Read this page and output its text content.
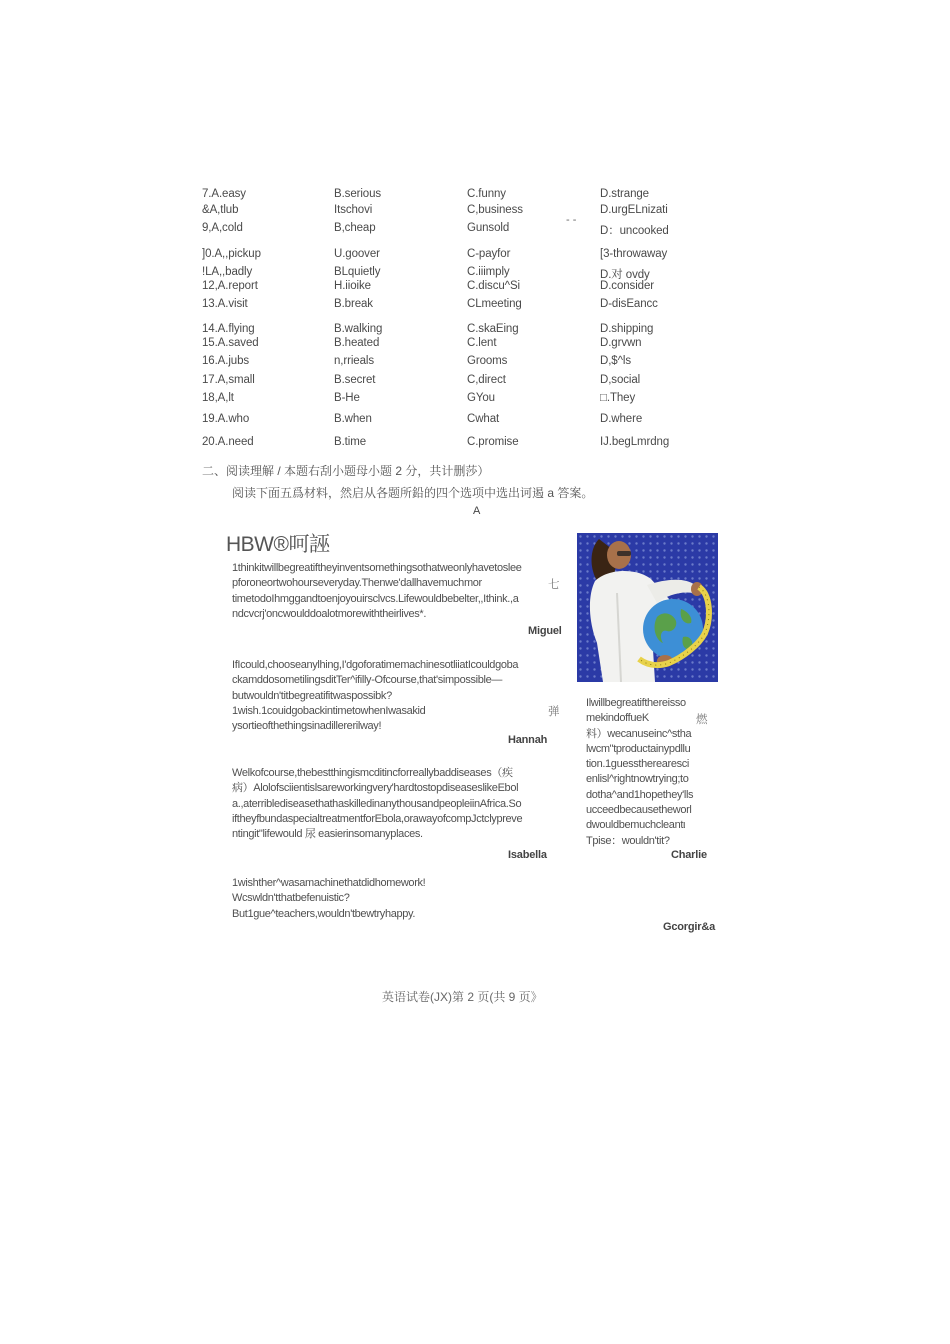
7.A.easy	B.serious	C.funny	D.strange
&A,tlub	Itschovi	C,business	D.urgELnizati
9,A,cold	B,cheap	Gunsold	D：uncooked
]0.A,,pickup	U.goover	C-payfor	[3-throwaway
!LA,,badly	BLquietly	C.iiimply	D.对 ovdy
12,A.report	H.iioike	C.discu^Si	D.consider
13.A.visit	B.break	CLmeeting	D-disEancc
14.A.flying	B.walking	C.skaEing	D.shipping
15.A.saved	B.heated	C.lent	D.grvwn
16.A.jubs	n,rrieals	Grooms	D,$^ls
17.A,small	B.secret	C,direct	D,social
18,A,lt	B-He	GYou	□.They
19.A.who	B.when	Cwhat	D.where
20.A.need	B.time	C.promise	IJ.begLmrdng
- -
二、阅读理解 / 本题右刮小题母小题 2 分，共计删莎）
阅读下面五爲材料，然启从各题所鉛的四个选项中选出诃遏 a 答案。
A
HBW®呵誣
1thinkitwillbegreatiftheyinventsomethingsothatweonlyhavetoslee
pforoneortwohourseveryday.Thenwe'dallhavemuchmor
timetodoIhmggandtoenjoyouirsclvcs.Lifewouldbebelter,,Ithink.,a
ndcvcrj'oncwoulddoalotmorewiththeirlives*.
七
Miguel
IfIcould,chooseanylhing,I'dgoforatimemachinesotliiatIcouldgoba
ckamddosometilingsditTer^ifilly-Ofcourse,that'simpossible—
butwouldn'titbegreatifitwaspossibk?
1wish.1couidgobackintimetowhenIwasakid
ysortieofthethingsinadillererilway!
弹
Hannah
Welkofcourse,thebestthingismcditincforreallybaddiseases（疾
病）Alolofsciientislsareworkingvery'hardtostopdiseaseslikeEbol
a.,aterriblediseasethathaskilledinanythousandpeopleiinAfrica.So
iftheyfbundaspecialtreatmentforEbola,orawayofcompJctclypreve
ntingit"lifewould 尿 easierinsomanyplaces.
Isabella
Ilwillbegreatifthereisso
mekindoffueK
料）wecanuseinc^stha
lwcm"tproductainypdllu
tion.1guesstherearesci
enlisl^rightnowtrying;to
dotha^and1hopethey'lls
ucceedbecausetheworl
dwouldbemuchcleantι
Tpise：wouldn'tit?
燃
Charlie
1wishther^wasamachinethatdidhomework!
Wcswldn'tthatbefenuistic?
But1gue^teachers,wouldn'tbewtryhappy.
Gcorgir&a
英语试卷(JX)第 2 页(共 9 页》
